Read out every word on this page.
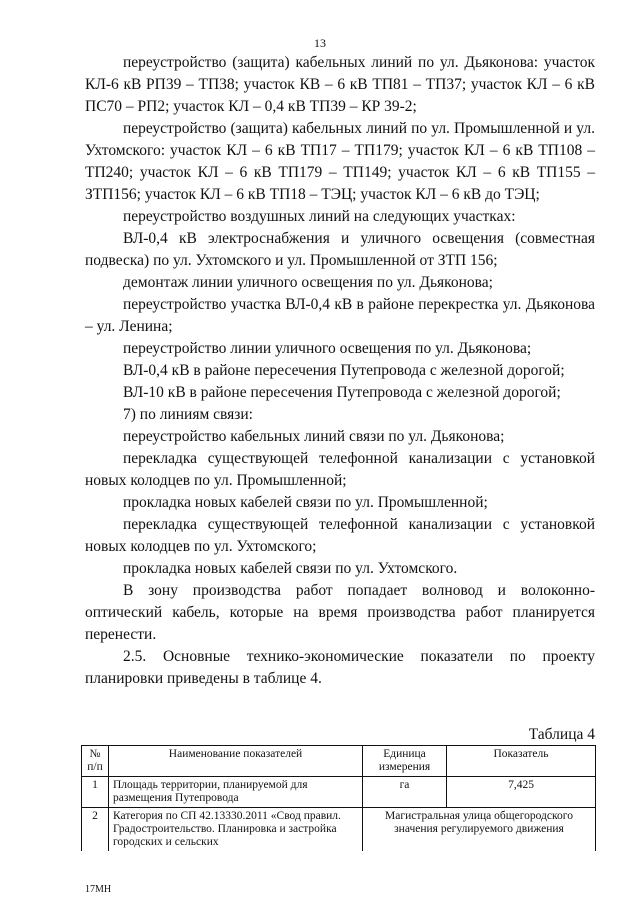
13

переустройство (защита) кабельных линий по ул. Дьяконова: участок КЛ-6 кВ РП39 – ТП38; участок КВ – 6 кВ ТП81 – ТП37; участок КЛ – 6 кВ ПС70 – РП2; участок КЛ – 0,4 кВ ТП39 – КР 39-2;

переустройство (защита) кабельных линий по ул. Промышленной и ул. Ухтомского: участок КЛ – 6 кВ ТП17 – ТП179; участок КЛ – 6 кВ ТП108 – ТП240; участок КЛ – 6 кВ ТП179 – ТП149; участок КЛ – 6 кВ ТП155 – ЗТП156; участок КЛ – 6 кВ ТП18 – ТЭЦ; участок КЛ – 6 кВ до ТЭЦ;

переустройство воздушных линий на следующих участках:

ВЛ-0,4 кВ электроснабжения и уличного освещения (совместная подвеска) по ул. Ухтомского и ул. Промышленной от ЗТП 156;

демонтаж линии уличного освещения по ул. Дьяконова;

переустройство участка ВЛ-0,4 кВ в районе перекрестка ул. Дьяконова – ул. Ленина;

переустройство линии уличного освещения по ул. Дьяконова;

ВЛ-0,4 кВ в районе пересечения Путепровода с железной дорогой;

ВЛ-10 кВ в районе пересечения Путепровода с железной дорогой;

7) по линиям связи:

переустройство кабельных линий связи по ул. Дьяконова;

перекладка существующей телефонной канализации с установкой новых колодцев по ул. Промышленной;

прокладка новых кабелей связи по ул. Промышленной;

перекладка существующей телефонной канализации с установкой новых колодцев по ул. Ухтомского;

прокладка новых кабелей связи по ул. Ухтомского.

В зону производства работ попадает волновод и волоконно-оптический кабель, которые на время производства работ планируется перенести.

2.5. Основные технико-экономические показатели по проекту планировки приведены в таблице 4.

Таблица 4
№ п/п	Наименование показателей	Единица измерения	Показатель
1	Площадь территории, планируемой для размещения Путепровода	га	7,425
2	Категория по СП 42.13330.2011 «Свод правил. Градостроительство. Планировка и застройка городских и сельских	Магистральная улица общегородского значения регулируемого движения	
17МН
